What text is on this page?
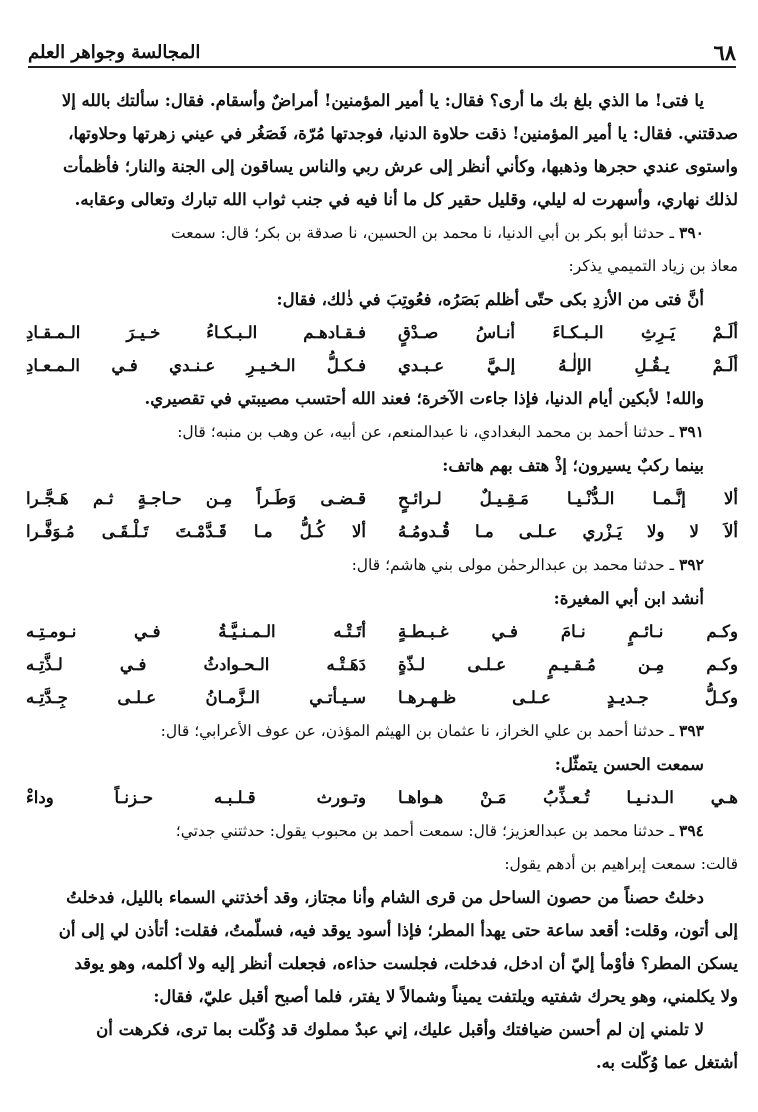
٦٨
المجالسة وجواهر العلم

يا فتى! ما الذي بلغ بك ما أرى؟ فقال: يا أمير المؤمنين! أمراضٌ وأسقام. فقال: سألتك بالله إلا

صدقتني. فقال: يا أمير المؤمنين! ذقت حلاوة الدنيا، فوجدتها مُرّة، فَصَغُر في عيني زهرتها وحلاوتها،

واستوى عندي حجرها وذهبها، وكأني أنظر إلى عرش ربي والناس يساقون إلى الجنة والنار؛ فأظمأت

لذلك نهاري، وأسهرت له ليلي، وقليل حقير كل ما أنا فيه في جنب ثواب الله تبارك وتعالى وعقابه.

٣٩٠ ـ حدثنا أبو بكر بن أبي الدنيا، نا محمد بن الحسين، نا صدقة بن بكر؛ قال: سمعت

معاذ بن زياد التميمي يذكر:

أنَّ فتى من الأزدِ بكى حتّى أظلم بَصَرُه، فعُوتِبَ في ذٰلك، فقال:

ألَـمْ يَـرِثِ الـبـكـاءَ أنـاسُ صـدْقٍ
فـقـادهـم الـبـكـاءُ خـيـرَ الـمـقـادِ
ألَـمْ يـقُـلِ الإلٰـهُ إلـيَّ عـبـدي
فـكـلُّ الـخـيـرِ عـنـدي فـي الـمـعـادِ

والله! لأبكين أيام الدنيا، فإذا جاءت الآخرة؛ فعند الله أحتسب مصيبتي في تقصيري.

٣٩١ ـ حدثنا أحمد بن محمد البغدادي، نا عبدالمنعم، عن أبيه، عن وهب بن منبه؛ قال:

بينما ركبٌ يسيرون؛ إذْ هتف بهم هاتف:

ألا إنَّـمـا الـدُّنْـيـا مَـقِـيـلٌ لـرائـحٍ
قـضـى وَطَـراً مِـن حـاجـةٍ ثـم هَـجَّـرا
ألاَ لا ولا يَـزْري عـلـى مـا قُـدومُـهُ
ألا كُـلُّ مـا قَـدَّمْـتَ تَـلْـقَـى مُـوَفَّـرا

٣٩٢ ـ حدثنا محمد بن عبدالرحمٰن مولى بني هاشم؛ قال:

أنشد ابن أبي المغيرة:

وكـم نـائـمٍ نـامَ فـي غـبـطـةٍ
أتَـتْـه الـمـنـيَّـةُ فـي نـومـتِـه
وكـم مِـن مُـقـيـمٍ عـلـى لـذّةٍ
دَهَـتْـه الـحـوادثُ فـي لـذَّتِـه
وكـلُّ جـديـدٍ عـلـى ظـهـرهـا
سـيـأتـي الـزَّمـانُ عـلـى جِـدَّتِـه

٣٩٣ ـ حدثنا أحمد بن علي الخراز، نا عثمان بن الهيثم المؤذن، عن عوف الأعرابي؛ قال:

سمعت الحسن يتمثّل:

هـي الـدنـيـا تُـعـذِّبُ مَـنْ هـواهـا
وتـورث قـلـبـه حـزنـاً وداءْ

٣٩٤ ـ حدثنا محمد بن عبدالعزيز؛ قال: سمعت أحمد بن محبوب يقول: حدثتني جدتي؛

قالت: سمعت إبراهيم بن أدهم يقول:

دخلتُ حصناً من حصون الساحل من قرى الشام وأنا مجتاز، وقد أخذتني السماء بالليل، فدخلتُ

إلى أتون، وقلت: أقعد ساعة حتى يهدأ المطر؛ فإذا أسود يوقد فيه، فسلّمتُ، فقلت: أتأذن لي إلى أن

يسكن المطر؟ فأوْمأ إليّ أن ادخل، فدخلت، فجلست حذاءه، فجعلت أنظر إليه ولا أكلمه، وهو يوقد

ولا يكلمني، وهو يحرك شفتيه ويلتفت يميناً وشمالاً لا يفتر، فلما أصبح أقبل عليّ، فقال:

لا تلمني إن لم أحسن ضيافتك وأقبل عليك، إني عبدٌ مملوك قد وُكّلت بما ترى، فكرهت أن

أشتغل عما وُكّلت به.
